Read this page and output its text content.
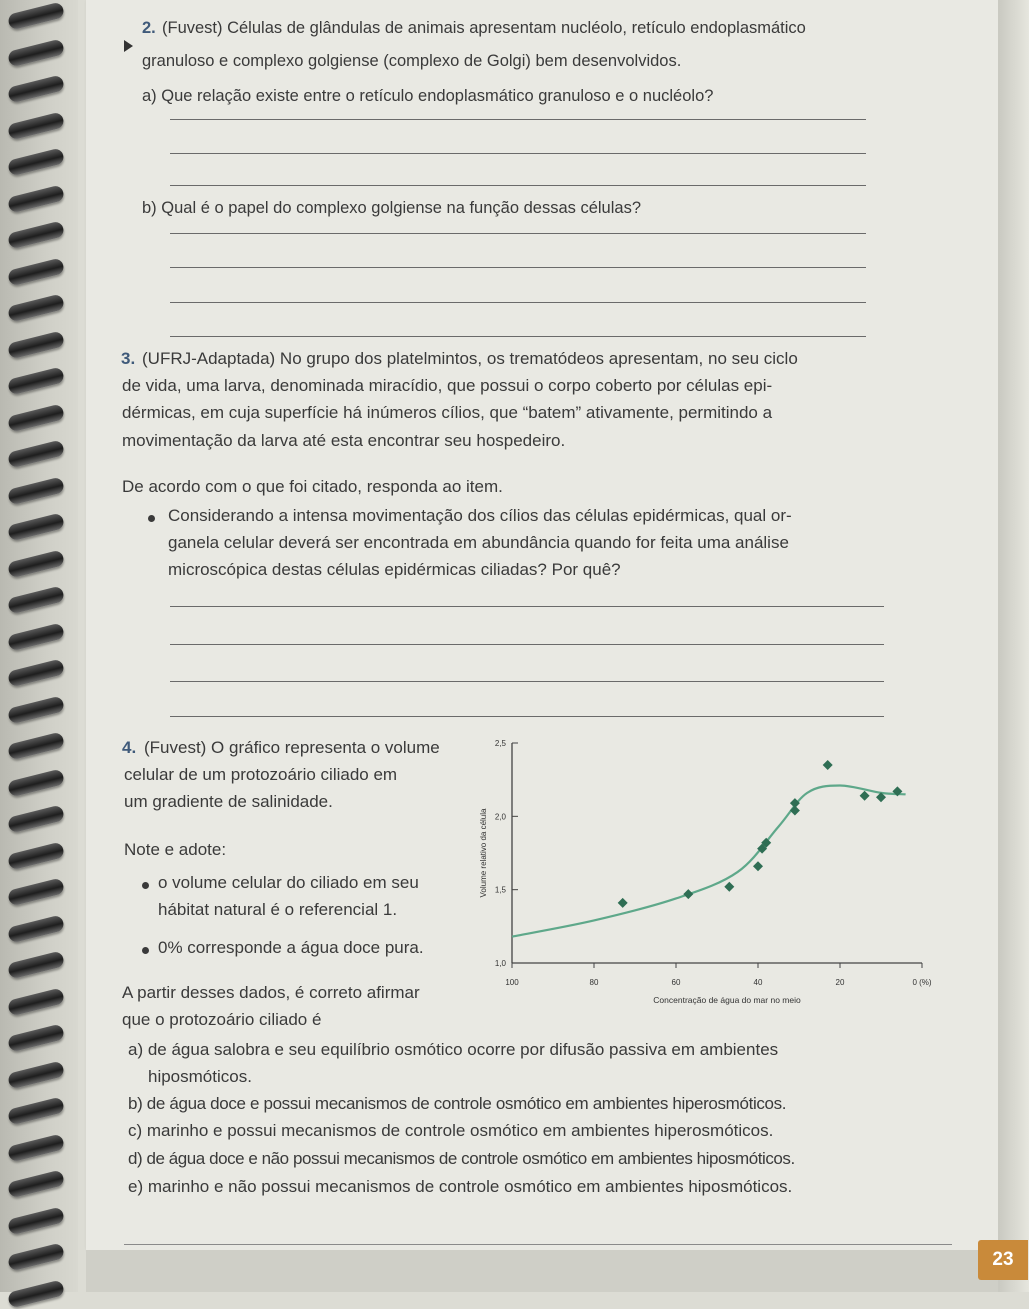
2. (Fuvest) Células de glândulas de animais apresentam nucléolo, retículo endoplasmático
granuloso e complexo golgiense (complexo de Golgi) bem desenvolvidos.
a) Que relação existe entre o retículo endoplasmático granuloso e o nucléolo?
b) Qual é o papel do complexo golgiense na função dessas células?
3. (UFRJ-Adaptada) No grupo dos platelmintos, os trematódeos apresentam, no seu ciclo
de vida, uma larva, denominada miracídio, que possui o corpo coberto por células epi-
dérmicas, em cuja superfície há inúmeros cílios, que “batem” ativamente, permitindo a
movimentação da larva até esta encontrar seu hospedeiro.
De acordo com o que foi citado, responda ao item.
Considerando a intensa movimentação dos cílios das células epidérmicas, qual or-
ganela celular deverá ser encontrada em abundância quando for feita uma análise
microscópica destas células epidérmicas ciliadas? Por quê?
4. (Fuvest) O gráfico representa o volume
celular de um protozoário ciliado em
um gradiente de salinidade.
Note e adote:
o volume celular do ciliado em seu
hábitat natural é o referencial 1.
0% corresponde a água doce pura.
A partir desses dados, é correto afirmar
que o protozoário ciliado é
a) de água salobra e seu equilíbrio osmótico ocorre por difusão passiva em ambientes
hiposmóticos.
b) de água doce e possui mecanismos de controle osmótico em ambientes hiperosmóticos.
c) marinho e possui mecanismos de controle osmótico em ambientes hiperosmóticos.
d) de água doce e não possui mecanismos de controle osmótico em ambientes hiposmóticos.
e) marinho e não possui mecanismos de controle osmótico em ambientes hiposmóticos.
23
1,0
1,5
2,0
2,5
100	80	60	40	20	0 (%)
Concentração de água do mar no meio
Volume relativo da célula
